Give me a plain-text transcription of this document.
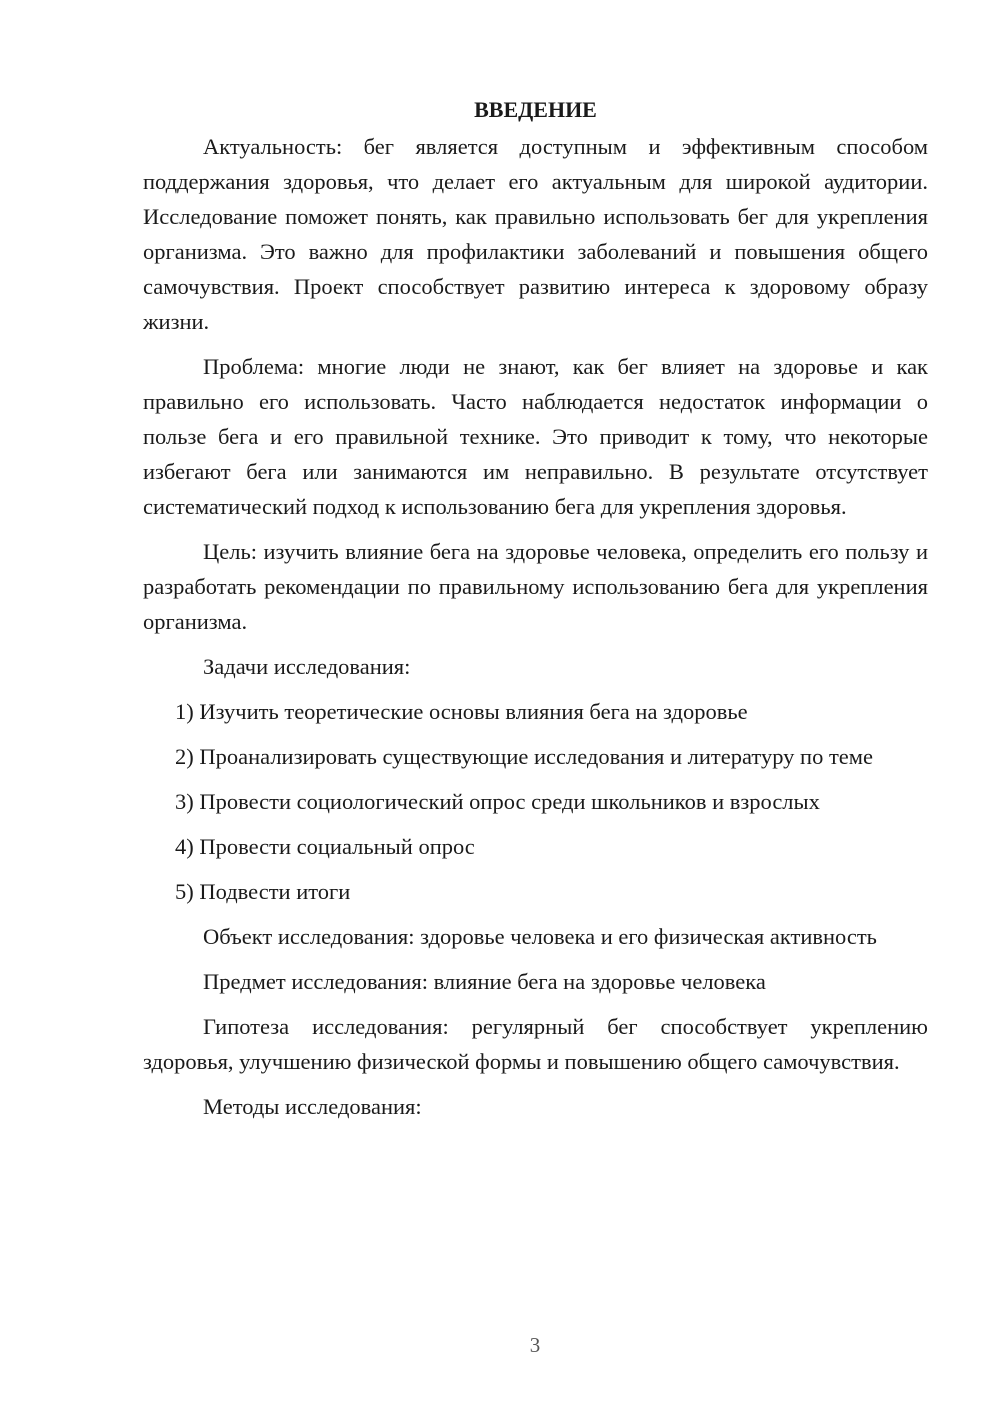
ВВЕДЕНИЕ

Актуальность: бег является доступным и эффективным способом поддержания здоровья, что делает его актуальным для широкой аудитории. Исследование поможет понять, как правильно использовать бег для укрепления организма. Это важно для профилактики заболеваний и повышения общего самочувствия. Проект способствует развитию интереса к здоровому образу жизни.

Проблема: многие люди не знают, как бег влияет на здоровье и как правильно его использовать. Часто наблюдается недостаток информации о пользе бега и его правильной технике. Это приводит к тому, что некоторые избегают бега или занимаются им неправильно. В результате отсутствует систематический подход к использованию бега для укрепления здоровья.

Цель: изучить влияние бега на здоровье человека, определить его пользу и разработать рекомендации по правильному использованию бега для укрепления организма.

Задачи исследования:

1) Изучить теоретические основы влияния бега на здоровье

2) Проанализировать существующие исследования и литературу по теме

3) Провести социологический опрос среди школьников и взрослых

4) Провести социальный опрос

5) Подвести итоги

Объект исследования: здоровье человека и его физическая активность

Предмет исследования: влияние бега на здоровье человека

Гипотеза исследования: регулярный бег способствует укреплению здоровья, улучшению физической формы и повышению общего самочувствия.

Методы исследования:

3
